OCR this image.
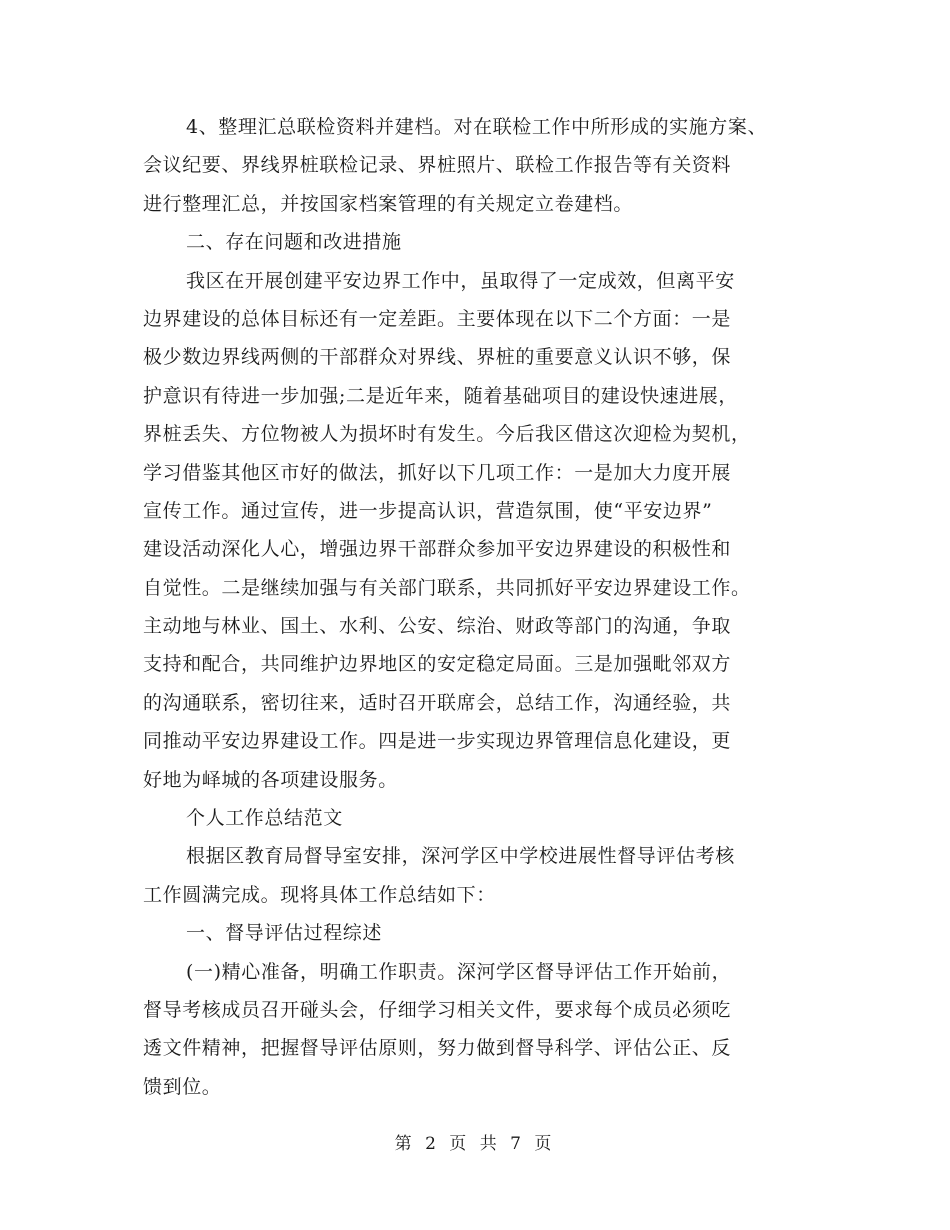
4、整理汇总联检资料并建档。对在联检工作中所形成的实施方案、
会议纪要、界线界桩联检记录、界桩照片、联检工作报告等有关资料
进行整理汇总，并按国家档案管理的有关规定立卷建档。
二、存在问题和改进措施
我区在开展创建平安边界工作中，虽取得了一定成效，但离平安
边界建设的总体目标还有一定差距。主要体现在以下二个方面：一是
极少数边界线两侧的干部群众对界线、界桩的重要意义认识不够，保
护意识有待进一步加强;二是近年来，随着基础项目的建设快速进展，
界桩丢失、方位物被人为损坏时有发生。今后我区借这次迎检为契机，
学习借鉴其他区市好的做法，抓好以下几项工作：一是加大力度开展
宣传工作。通过宣传，进一步提高认识，营造氛围，使“平安边界”
建设活动深化人心，增强边界干部群众参加平安边界建设的积极性和
自觉性。二是继续加强与有关部门联系，共同抓好平安边界建设工作。
主动地与林业、国土、水利、公安、综治、财政等部门的沟通，争取
支持和配合，共同维护边界地区的安定稳定局面。三是加强毗邻双方
的沟通联系，密切往来，适时召开联席会，总结工作，沟通经验，共
同推动平安边界建设工作。四是进一步实现边界管理信息化建设，更
好地为峄城的各项建设服务。
个人工作总结范文
根据区教育局督导室安排，深河学区中学校进展性督导评估考核
工作圆满完成。现将具体工作总结如下：
一、督导评估过程综述
(一)精心准备，明确工作职责。深河学区督导评估工作开始前，
督导考核成员召开碰头会，仔细学习相关文件，要求每个成员必须吃
透文件精神，把握督导评估原则，努力做到督导科学、评估公正、反
馈到位。
第 2 页 共 7 页
